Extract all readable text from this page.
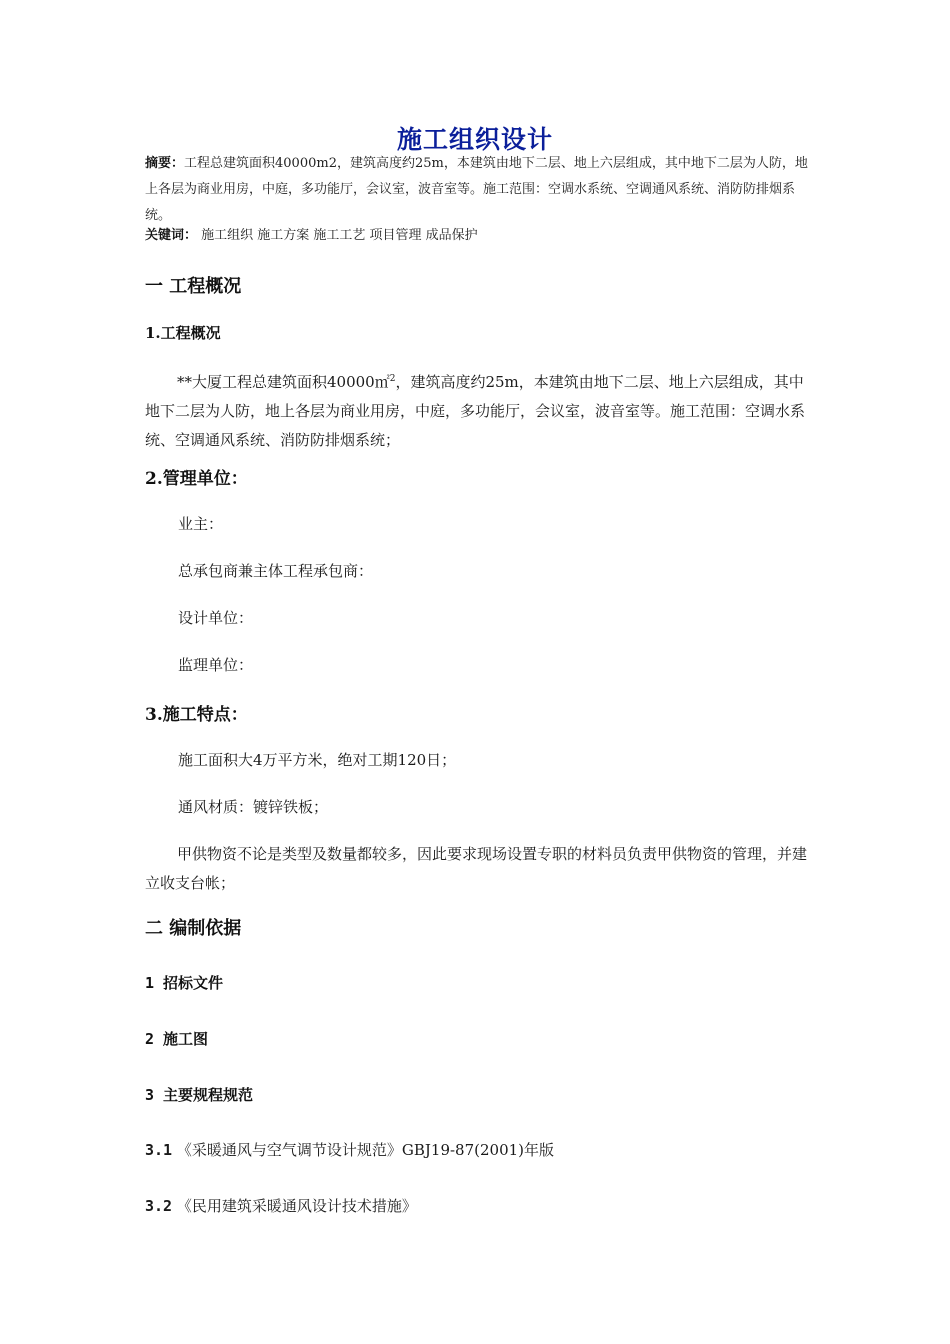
施工组织设计
摘要：工程总建筑面积40000m2，建筑高度约25m，本建筑由地下二层、地上六层组成，其中地下二层为人防，地上各层为商业用房，中庭，多功能厅，会议室，波音室等。施工范围：空调水系统、空调通风系统、消防防排烟系统。
关键词： 施工组织 施工方案 施工工艺 项目管理 成品保护
一 工程概况
1.工程概况
**大厦工程总建筑面积40000㎡$^2$，建筑高度约25m，本建筑由地下二层、地上六层组成，其中地下二层为人防，地上各层为商业用房，中庭，多功能厅，会议室，波音室等。施工范围：空调水系统、空调通风系统、消防防排烟系统；
2.管理单位：
业主：
总承包商兼主体工程承包商：
设计单位：
监理单位：
3.施工特点：
施工面积大4万平方米，绝对工期120日；
通风材质：镀锌铁板；
甲供物资不论是类型及数量都较多，因此要求现场设置专职的材料员负责甲供物资的管理，并建立收支台帐；
二 编制依据
1 招标文件
2 施工图
3 主要规程规范
3.1 《采暖通风与空气调节设计规范》GBJ19-87(2001)年版
3.2 《民用建筑采暖通风设计技术措施》
